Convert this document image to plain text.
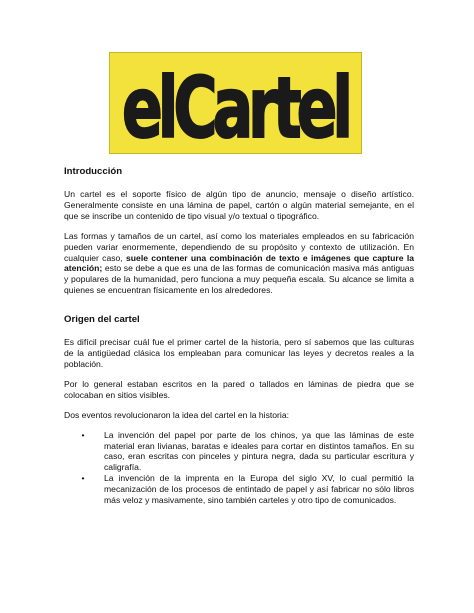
elCartel
Introducción

Un cartel es el soporte físico de algún tipo de anuncio, mensaje o diseño artístico. Generalmente consiste en una lámina de papel, cartón o algún material semejante, en el que se inscribe un contenido de tipo visual y/o textual o tipográfico.

Las formas y tamaños de un cartel, así como los materiales empleados en su fabricación pueden variar enormemente, dependiendo de su propósito y contexto de utilización. En cualquier caso, suele contener una combinación de texto e imágenes que capture la atención; esto se debe a que es una de las formas de comunicación masiva más antiguas y populares de la humanidad, pero funciona a muy pequeña escala. Su alcance se limita a quienes se encuentran físicamente en los alrededores.

Origen del cartel

Es difícil precisar cuál fue el primer cartel de la historia, pero sí sabemos que las culturas de la antigüedad clásica los empleaban para comunicar las leyes y decretos reales a la población.

Por lo general estaban escritos en la pared o tallados en láminas de piedra que se colocaban en sitios visibles.

Dos eventos revolucionaron la idea del cartel en la historia:

•	La invención del papel por parte de los chinos, ya que las láminas de este material eran livianas, baratas e ideales para cortar en distintos tamaños. En su caso, eran escritas con pinceles y pintura negra, dada su particular escritura y caligrafía.
•	La invención de la imprenta en la Europa del siglo XV, lo cual permitió la mecanización de los procesos de entintado de papel y así fabricar no sólo libros más veloz y masivamente, sino también carteles y otro tipo de comunicados.
